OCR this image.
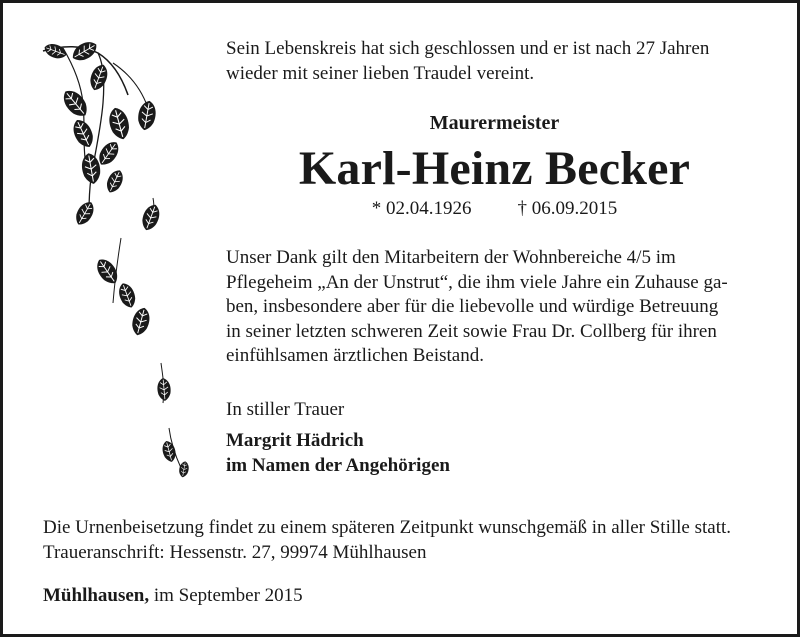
Sein Lebenskreis hat sich geschlossen und er ist nach 27 Jahren
wieder mit seiner lieben Traudel vereint.

Maurermeister
Karl-Heinz Becker
* 02.04.1926 † 06.09.2015

Unser Dank gilt den Mitarbeitern der Wohnbereiche 4/5 im
Pflegeheim „An der Unstrut“, die ihm viele Jahre ein Zuhause ga-
ben, insbesondere aber für die liebevolle und würdige Betreuung
in seiner letzten schweren Zeit sowie Frau Dr. Collberg für ihren
einfühlsamen ärztlichen Beistand.

In stiller Trauer

Margrit Hädrich
im Namen der Angehörigen

Die Urnenbeisetzung findet zu einem späteren Zeitpunkt wunschgemäß in aller Stille statt.
Traueranschrift: Hessenstr. 27, 99974 Mühlhausen

Mühlhausen, im September 2015
